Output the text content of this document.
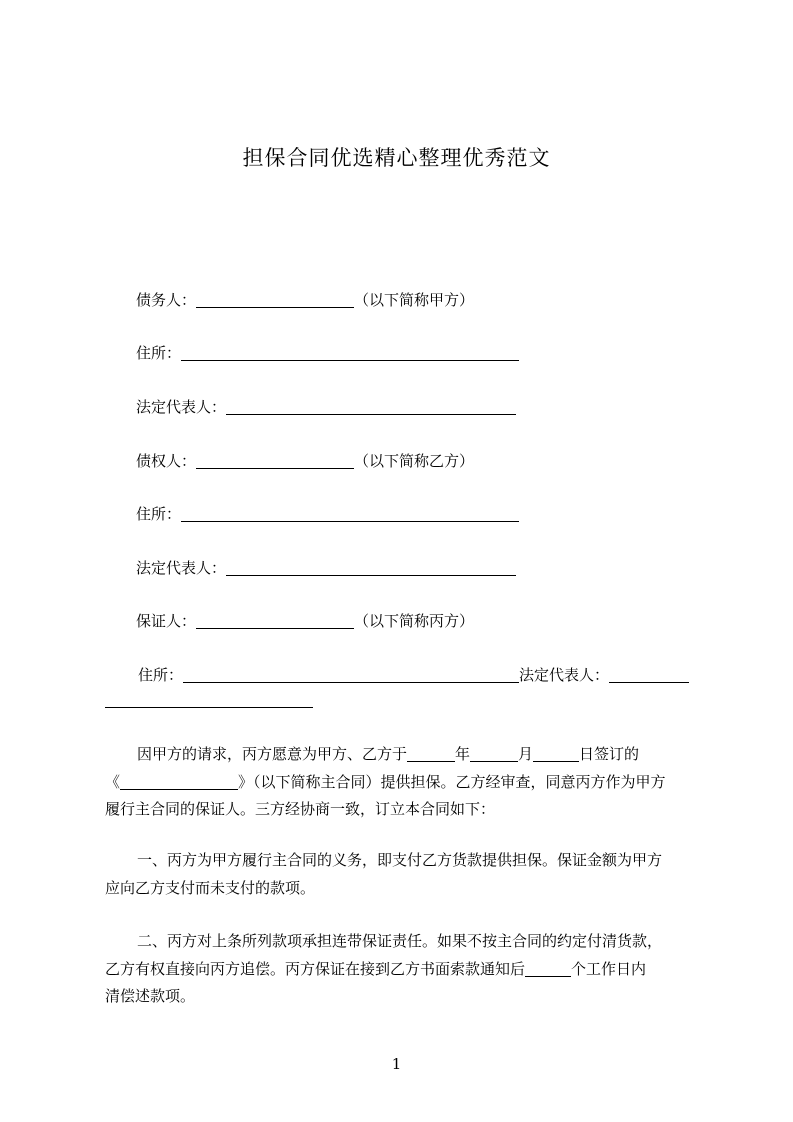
担保合同优选精心整理优秀范文
债务人：	（以下简称甲方）
住所：
法定代表人：
债权人：	（以下简称乙方）
住所：
法定代表人：
保证人：	（以下简称丙方）
住所：	法定代表人：
因甲方的请求，丙方愿意为甲方、乙方于	年	月	日签订的
《	》（以下简称主合同）提供担保。乙方经审查，同意丙方作为甲方
履行主合同的保证人。三方经协商一致，订立本合同如下：
一、丙方为甲方履行主合同的义务，即支付乙方货款提供担保。保证金额为甲方
应向乙方支付而未支付的款项。
二、丙方对上条所列款项承担连带保证责任。如果不按主合同的约定付清货款，
乙方有权直接向丙方追偿。丙方保证在接到乙方书面索款通知后	个工作日内
清偿述款项。
1
